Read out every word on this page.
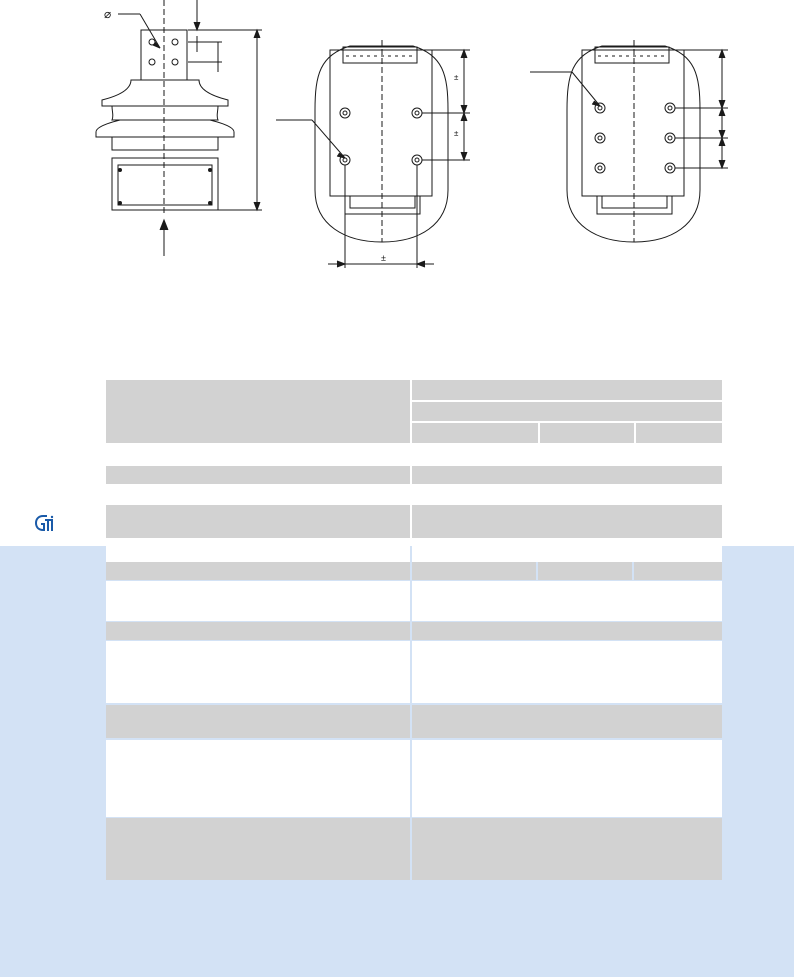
⌀
±
±
±
